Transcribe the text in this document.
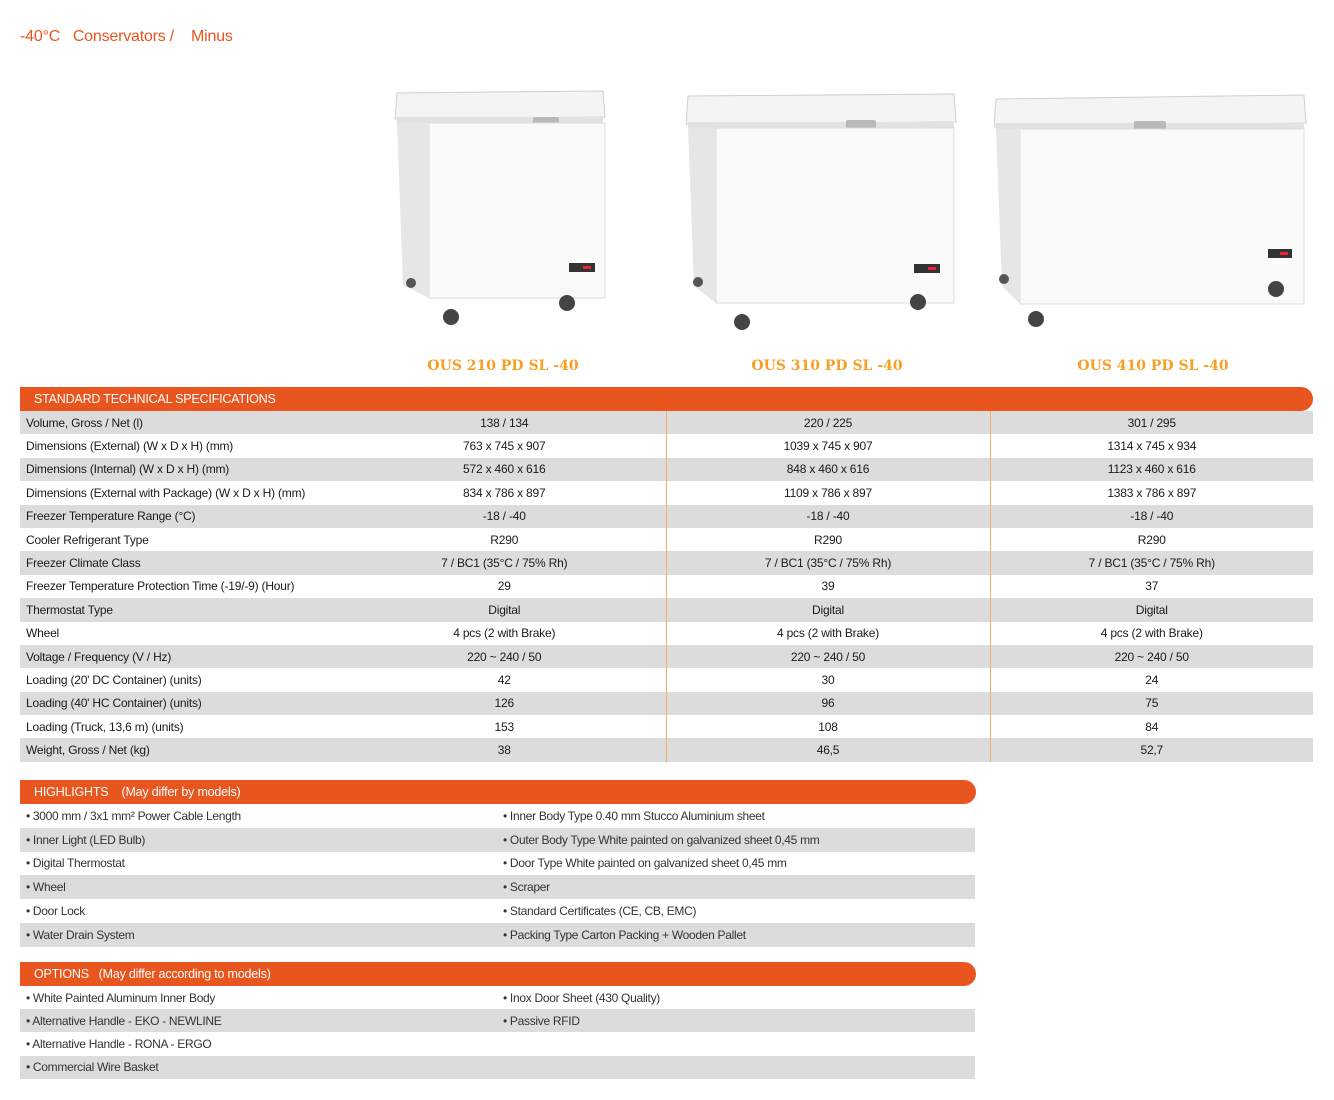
-40°C   Conservators /    Minus
OUS 210 PD SL -40	OUS 310 PD SL -40	OUS 410 PD SL -40
STANDARD TECHNICAL SPECIFICATIONS
Volume, Gross / Net (l)	138 / 134	220 / 225	301 / 295
Dimensions (External) (W x D x H) (mm)	763 x 745 x 907	1039 x 745 x 907	1314 x 745 x 934
Dimensions (Internal) (W x D x H) (mm)	572 x 460 x 616	848 x 460 x 616	1123 x 460 x 616
Dimensions (External with Package) (W x D x H) (mm)	834 x 786 x 897	1109 x 786 x 897	1383 x 786 x 897
Freezer Temperature Range (°C)	-18 / -40	-18 / -40	-18 / -40
Cooler Refrigerant Type	R290	R290	R290
Freezer Climate Class	7 / BC1 (35°C / 75% Rh)	7 / BC1 (35°C / 75% Rh)	7 / BC1 (35°C / 75% Rh)
Freezer Temperature Protection Time (-19/-9) (Hour)	29	39	37
Thermostat Type	Digital	Digital	Digital
Wheel	4 pcs (2 with Brake)	4 pcs (2 with Brake)	4 pcs (2 with Brake)
Voltage / Frequency (V / Hz)	220 ~ 240 / 50	220 ~ 240 / 50	220 ~ 240 / 50
Loading (20' DC Container) (units)	42	30	24
Loading (40' HC Container) (units)	126	96	75
Loading (Truck, 13,6 m) (units)	153	108	84
Weight, Gross / Net (kg)	38	46,5	52,7
HIGHLIGHTS    (May differ by models)
• 3000 mm / 3x1 mm² Power Cable Length	• Inner Body Type 0.40 mm Stucco Aluminium sheet
• Inner Light (LED Bulb)	• Outer Body Type White painted on galvanized sheet 0,45 mm
• Digital Thermostat	• Door Type White painted on galvanized sheet 0,45 mm
• Wheel	• Scraper
• Door Lock	• Standard Certificates (CE, CB, EMC)
• Water Drain System	• Packing Type Carton Packing + Wooden Pallet
OPTIONS   (May differ according to models)
• White Painted Aluminum Inner Body	• Inox Door Sheet (430 Quality)
• Alternative Handle - EKO - NEWLINE	• Passive RFID
• Alternative Handle - RONA - ERGO	
• Commercial Wire Basket	
